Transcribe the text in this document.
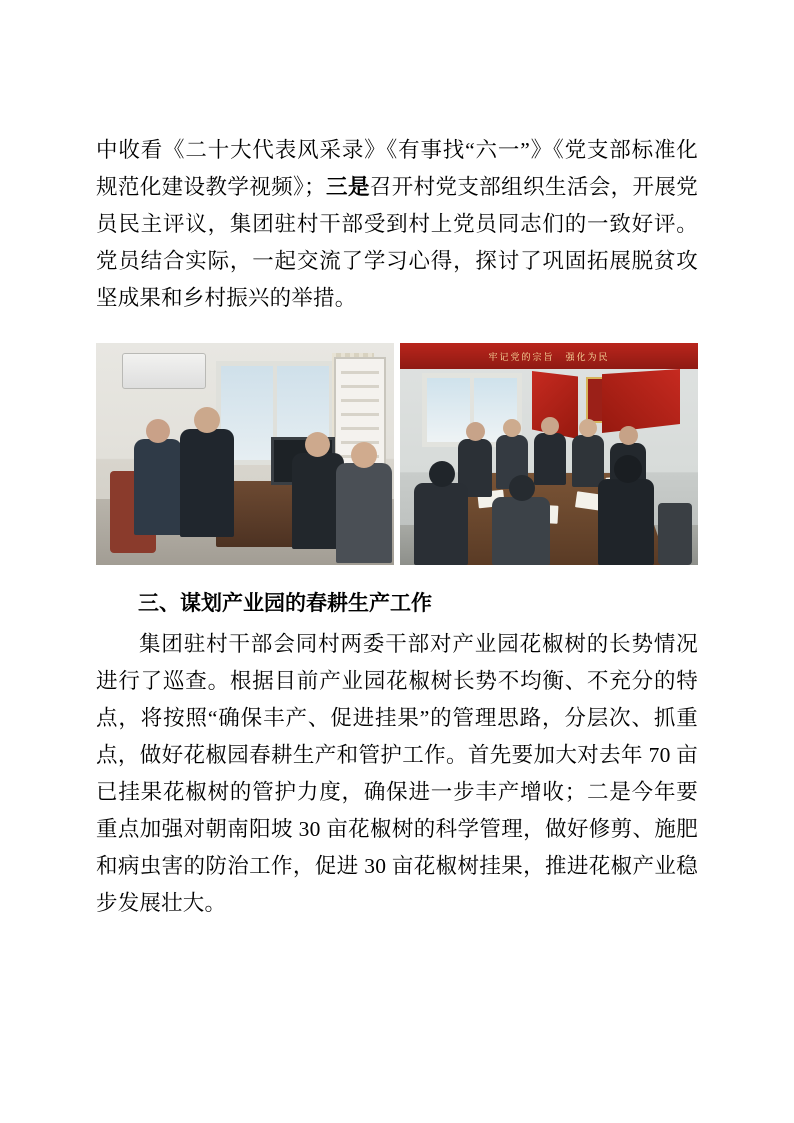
中收看《二十大代表风采录》《有事找“六一”》《党支部标准化规范化建设教学视频》；三是召开村党支部组织生活会，开展党员民主评议，集团驻村干部受到村上党员同志们的一致好评。党员结合实际，一起交流了学习心得，探讨了巩固拓展脱贫攻坚成果和乡村振兴的举措。

牢记党的宗旨　强化为民

三、谋划产业园的春耕生产工作

集团驻村干部会同村两委干部对产业园花椒树的长势情况进行了巡查。根据目前产业园花椒树长势不均衡、不充分的特点，将按照“确保丰产、促进挂果”的管理思路，分层次、抓重点，做好花椒园春耕生产和管护工作。首先要加大对去年 70 亩已挂果花椒树的管护力度，确保进一步丰产增收；二是今年要重点加强对朝南阳坡 30 亩花椒树的科学管理，做好修剪、施肥和病虫害的防治工作，促进 30 亩花椒树挂果，推进花椒产业稳步发展壮大。
